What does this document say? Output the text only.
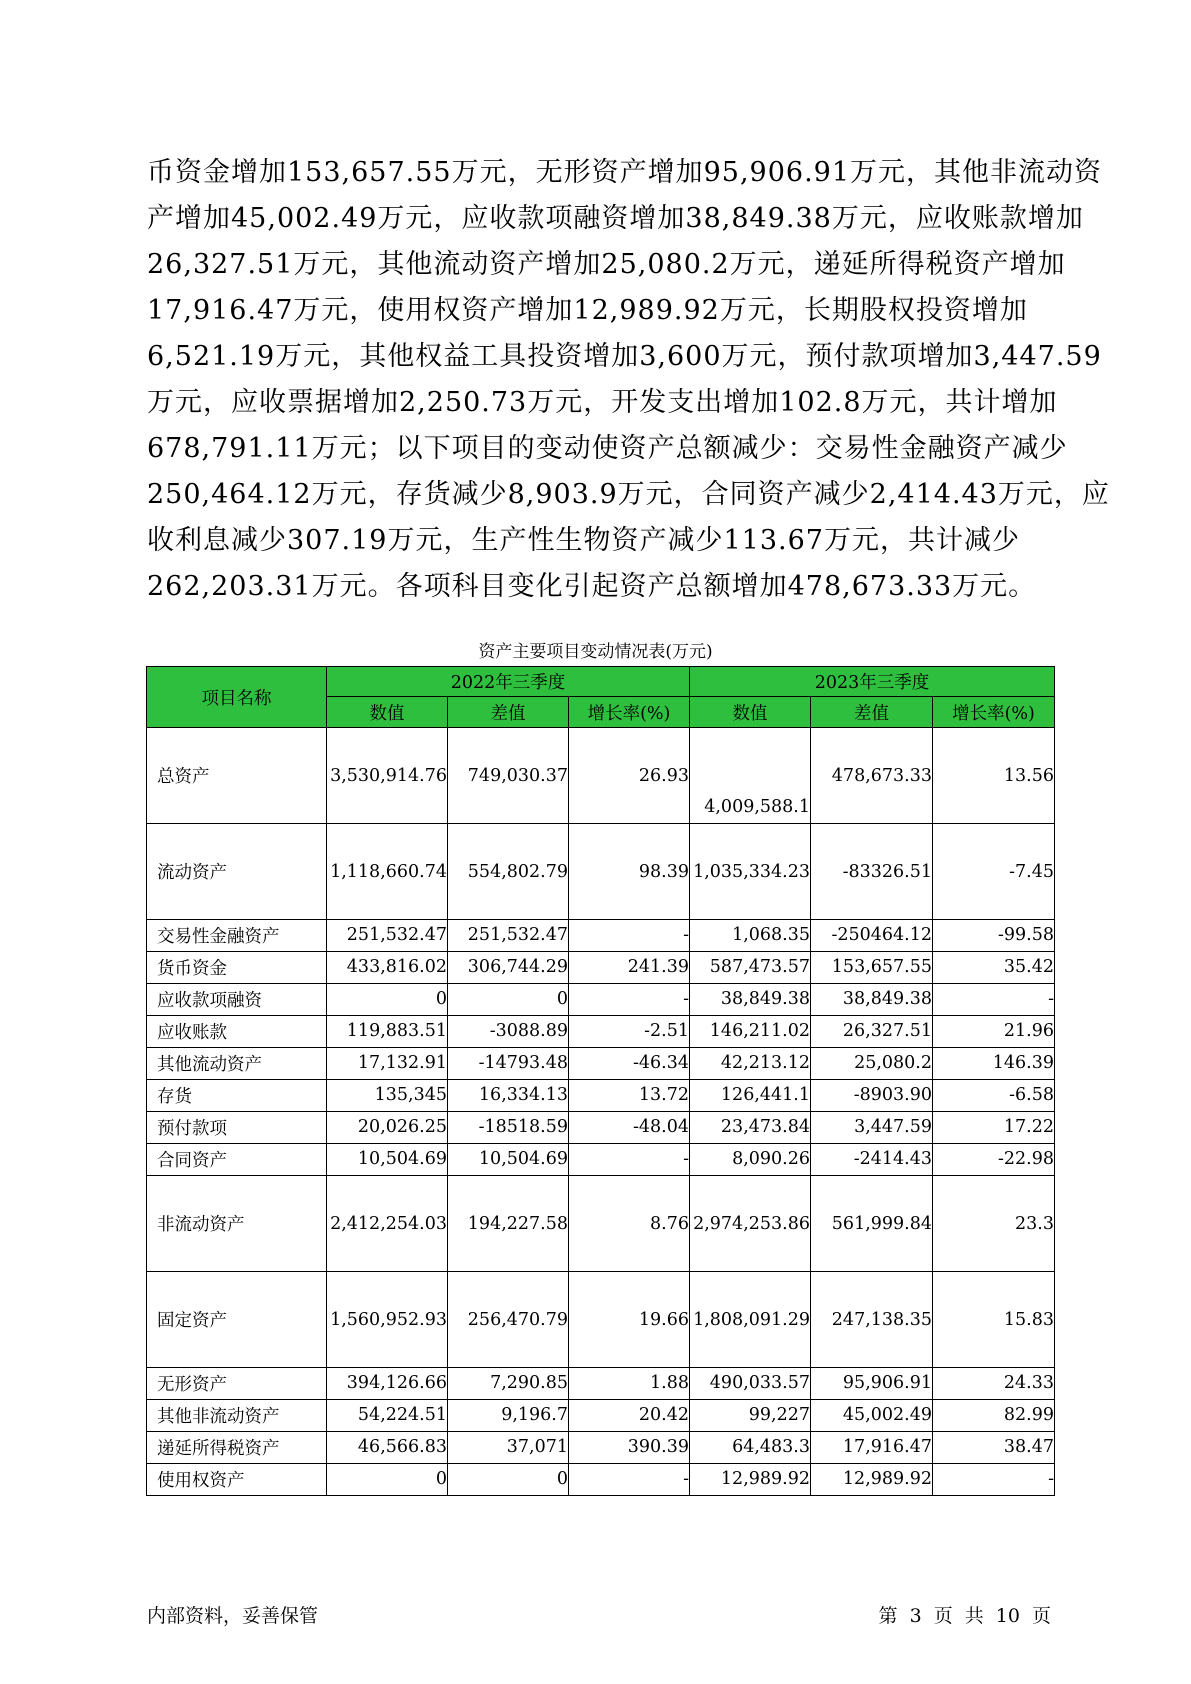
币资金增加153,657.55万元，无形资产增加95,906.91万元，其他非流动资

产增加45,002.49万元，应收款项融资增加38,849.38万元，应收账款增加

26,327.51万元，其他流动资产增加25,080.2万元，递延所得税资产增加

17,916.47万元，使用权资产增加12,989.92万元，长期股权投资增加

6,521.19万元，其他权益工具投资增加3,600万元，预付款项增加3,447.59

万元，应收票据增加2,250.73万元，开发支出增加102.8万元，共计增加

678,791.11万元；以下项目的变动使资产总额减少：交易性金融资产减少

250,464.12万元，存货减少8,903.9万元，合同资产减少2,414.43万元，应

收利息减少307.19万元，生产性生物资产减少113.67万元，共计减少

262,203.31万元。各项科目变化引起资产总额增加478,673.33万元。

资产主要项目变动情况表(万元)
项目名称	2022年三季度			2023年三季度		
	数值	差值	增长率(%)	数值	差值	增长率(%)
总资产	3,530,914.76	749,030.37	26.93	4,009,588.1	478,673.33	13.56
流动资产	1,118,660.74	554,802.79	98.39	1,035,334.23	-83326.51	-7.45
交易性金融资产	251,532.47	251,532.47	-	1,068.35	-250464.12	-99.58
货币资金	433,816.02	306,744.29	241.39	587,473.57	153,657.55	35.42
应收款项融资	0	0	-	38,849.38	38,849.38	-
应收账款	119,883.51	-3088.89	-2.51	146,211.02	26,327.51	21.96
其他流动资产	17,132.91	-14793.48	-46.34	42,213.12	25,080.2	146.39
存货	135,345	16,334.13	13.72	126,441.1	-8903.90	-6.58
预付款项	20,026.25	-18518.59	-48.04	23,473.84	3,447.59	17.22
合同资产	10,504.69	10,504.69	-	8,090.26	-2414.43	-22.98
非流动资产	2,412,254.03	194,227.58	8.76	2,974,253.86	561,999.84	23.3
固定资产	1,560,952.93	256,470.79	19.66	1,808,091.29	247,138.35	15.83
无形资产	394,126.66	7,290.85	1.88	490,033.57	95,906.91	24.33
其他非流动资产	54,224.51	9,196.7	20.42	99,227	45,002.49	82.99
递延所得税资产	46,566.83	37,071	390.39	64,483.3	17,916.47	38.47
使用权资产	0	0	-	12,989.92	12,989.92	-
内部资料，妥善保管	第 3 页 共 10 页
